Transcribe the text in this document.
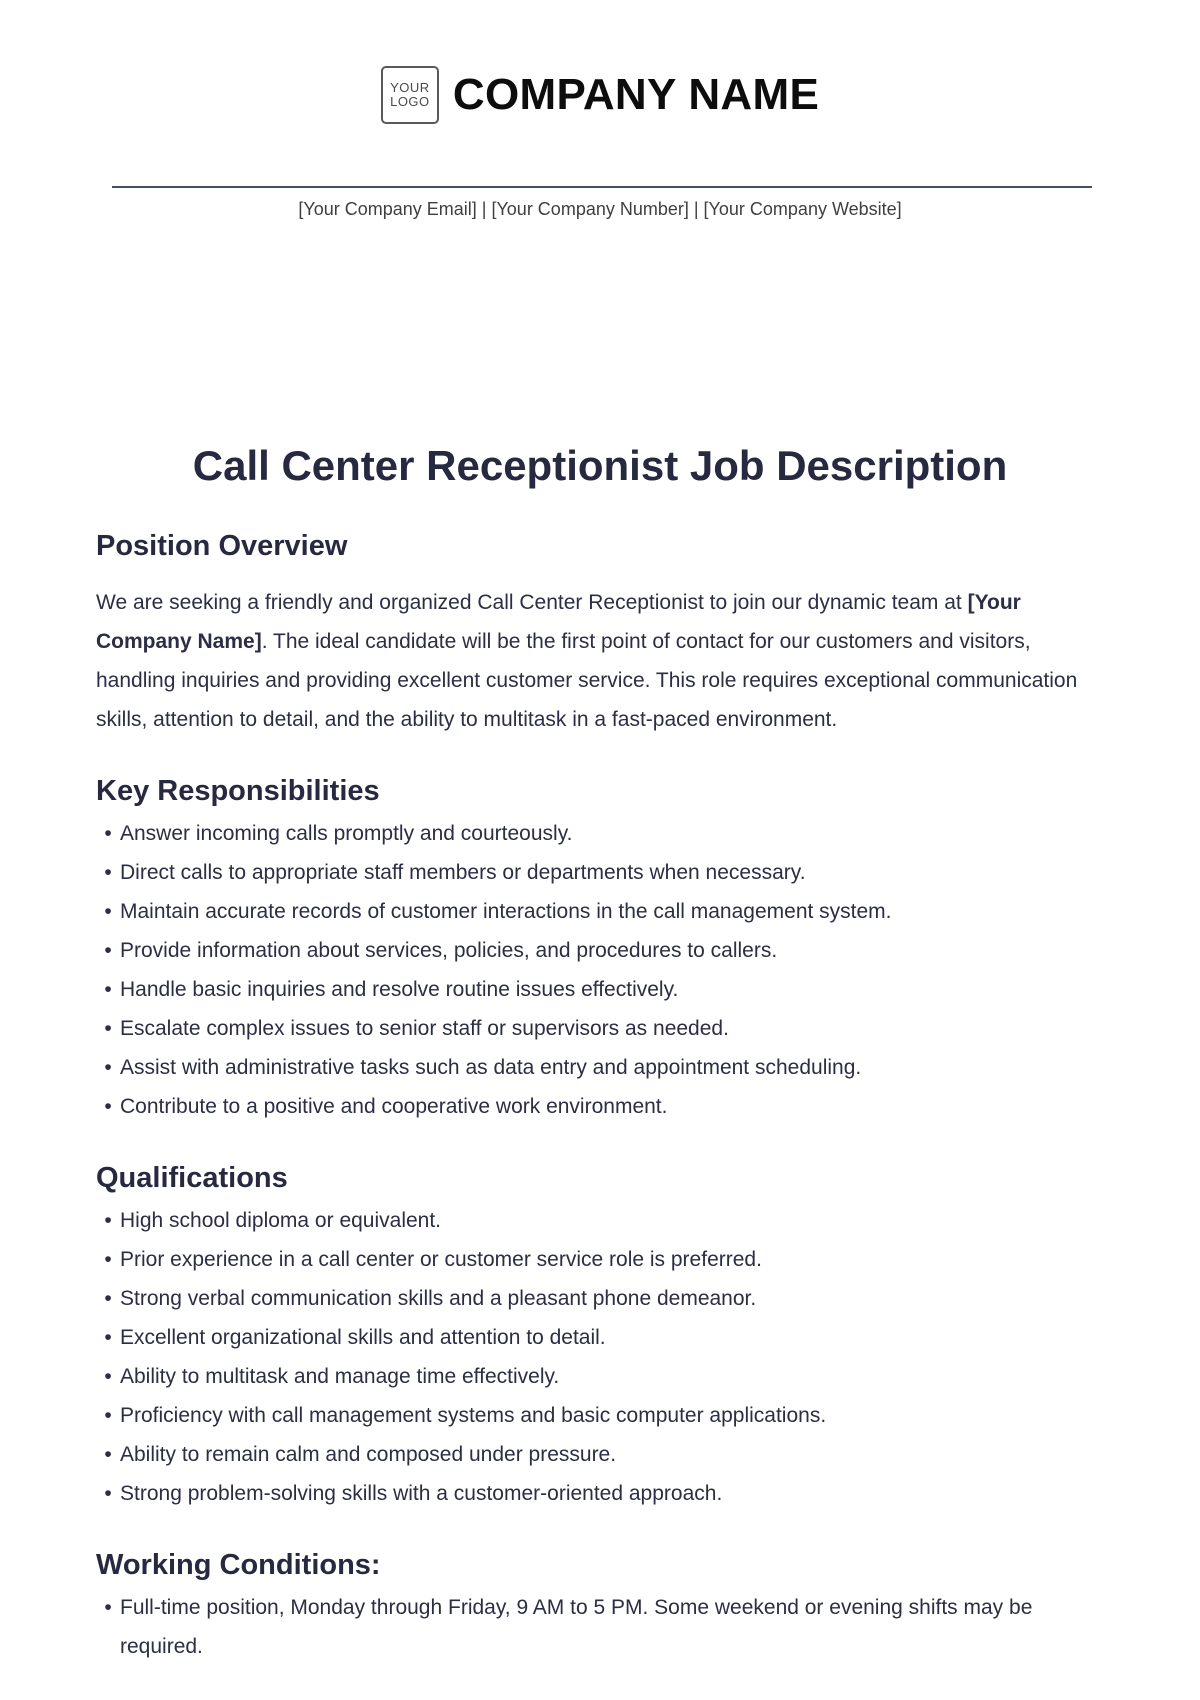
YOUR
LOGO COMPANY NAME
[Your Company Email] | [Your Company Number] | [Your Company Website]
Call Center Receptionist Job Description
Position Overview

We are seeking a friendly and organized Call Center Receptionist to join our dynamic team at [Your Company Name]. The ideal candidate will be the first point of contact for our customers and visitors, handling inquiries and providing excellent customer service. This role requires exceptional communication skills, attention to detail, and the ability to multitask in a fast-paced environment.

Key Responsibilities
• Answer incoming calls promptly and courteously.
• Direct calls to appropriate staff members or departments when necessary.
• Maintain accurate records of customer interactions in the call management system.
• Provide information about services, policies, and procedures to callers.
• Handle basic inquiries and resolve routine issues effectively.
• Escalate complex issues to senior staff or supervisors as needed.
• Assist with administrative tasks such as data entry and appointment scheduling.
• Contribute to a positive and cooperative work environment.
Qualifications
• High school diploma or equivalent.
• Prior experience in a call center or customer service role is preferred.
• Strong verbal communication skills and a pleasant phone demeanor.
• Excellent organizational skills and attention to detail.
• Ability to multitask and manage time effectively.
• Proficiency with call management systems and basic computer applications.
• Ability to remain calm and composed under pressure.
• Strong problem-solving skills with a customer-oriented approach.
Working Conditions:
• Full-time position, Monday through Friday, 9 AM to 5 PM. Some weekend or evening shifts may be required.
